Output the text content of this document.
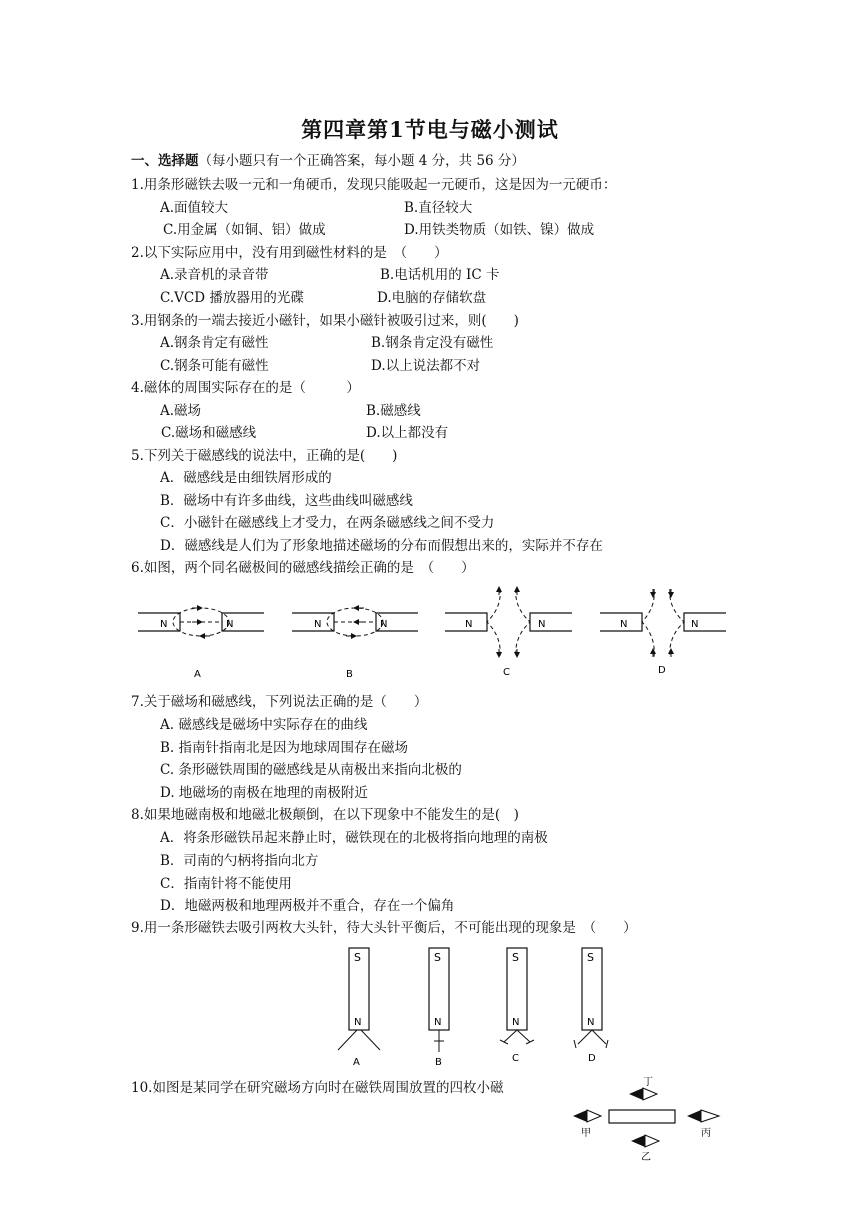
第四章第1节电与磁小测试
一、选择题（每小题只有一个正确答案，每小题 4 分，共 56 分）
1.用条形磁铁去吸一元和一角硬币，发现只能吸起一元硬币，这是因为一元硬币：
A.面值较大	B.直径较大
C.用金属（如铜、铝）做成	D.用铁类物质（如铁、镍）做成
2.以下实际应用中，没有用到磁性材料的是　（　　）
A.录音机的录音带	B.电话机用的 IC 卡
C.VCD 播放器用的光碟	D.电脑的存储软盘
3.用钢条的一端去接近小磁针，如果小磁针被吸引过来，则(　　)
A.钢条肯定有磁性	B.钢条肯定没有磁性
C.钢条可能有磁性	D.以上说法都不对
4.磁体的周围实际存在的是（　　　）
A.磁场	B.磁感线
C.磁场和磁感线	D.以上都没有
5.下列关于磁感线的说法中，正确的是(　　)
A．磁感线是由细铁屑形成的
B．磁场中有许多曲线，这些曲线叫磁感线
C．小磁针在磁感线上才受力，在两条磁感线之间不受力
D．磁感线是人们为了形象地描述磁场的分布而假想出来的，实际并不存在
6.如图，两个同名磁极间的磁感线描绘正确的是　（　　）
N	N
A
N	N
B
N	N
C
N	N
D
7.关于磁场和磁感线，下列说法正确的是（　　）
A. 磁感线是磁场中实际存在的曲线
B. 指南针指南北是因为地球周围存在磁场
C. 条形磁铁周围的磁感线是从南极出来指向北极的
D. 地磁场的南极在地理的南极附近
8.如果地磁南极和地磁北极颠倒，在以下现象中不能发生的是(　)
A．将条形磁铁吊起来静止时，磁铁现在的北极将指向地理的南极
B．司南的勺柄将指向北方
C．指南针将不能使用
D．地磁两极和地理两极并不重合，存在一个偏角
9.用一条形磁铁去吸引两枚大头针，待大头针平衡后，不可能出现的现象是　（　　）
S
N
A
S
N
B
S
N
C
S
N
D
10.如图是某同学在研究磁场方向时在磁铁周围放置的四枚小磁	丁
甲	丙
乙
